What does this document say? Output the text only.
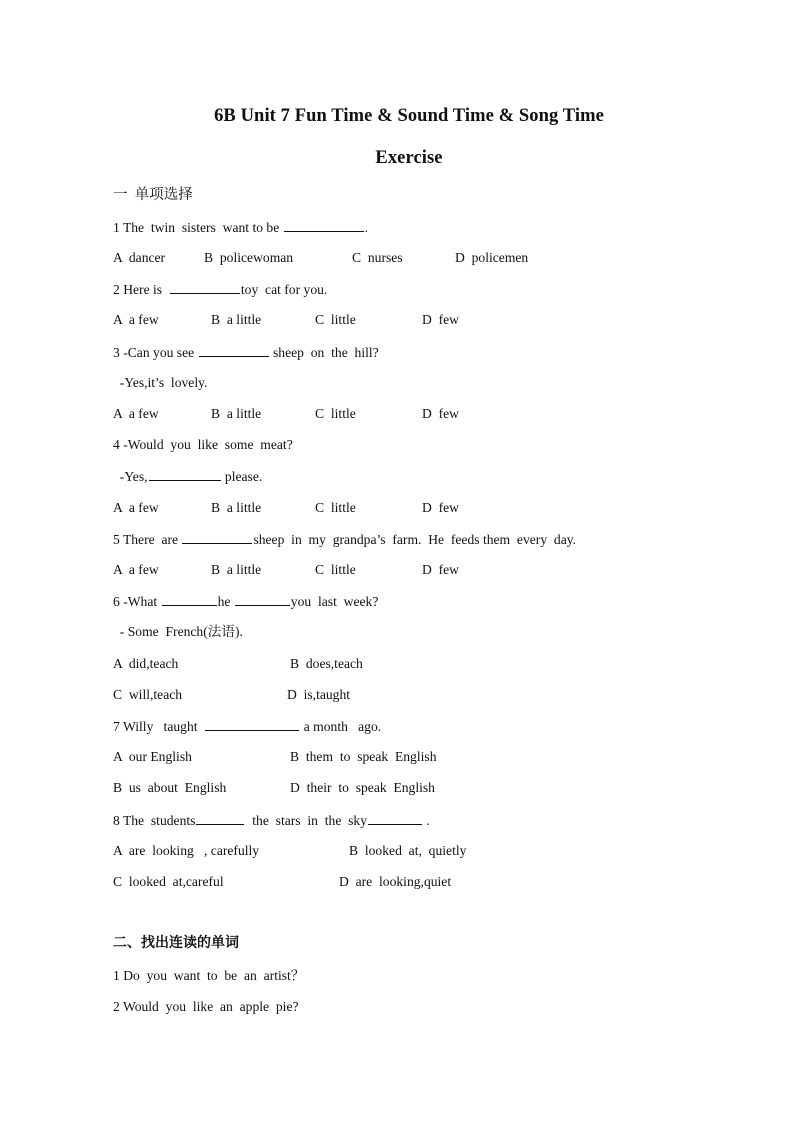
6B Unit 7 Fun Time & Sound Time & Song Time
Exercise
一  单项选择
1 The  twin  sisters  want to be	.
A  dancer	B  policewoman	C  nurses	D  policemen
2 Here is	toy  cat for you.
A  a few	B  a little	C  little	D  few
3 -Can you see	sheep  on  the  hill?
-Yes,it’s  lovely.
A  a few	B  a little	C  little	D  few
4 -Would  you  like  some  meat?
-Yes,	please.
A  a few	B  a little	C  little	D  few
5 There  are	sheep  in  my  grandpa’s  farm.  He  feeds them  every  day.
A  a few	B  a little	C  little	D  few
6 -What	he	you  last  week?
- Some  French(法语).
A  did,teach	B  does,teach
C  will,teach	D  is,taught
7 Willy   taught	a month   ago.
A  our English	B  them  to  speak  English
B  us  about  English	D  their  to  speak  English
8 The  students	the  stars  in  the  sky	.
A  are  looking   , carefully	B  looked  at,  quietly
C  looked  at,careful	D  are  looking,quiet
二、找出连读的单词
1 Do  you  want  to  be  an  artist？
2 Would  you  like  an  apple  pie?
